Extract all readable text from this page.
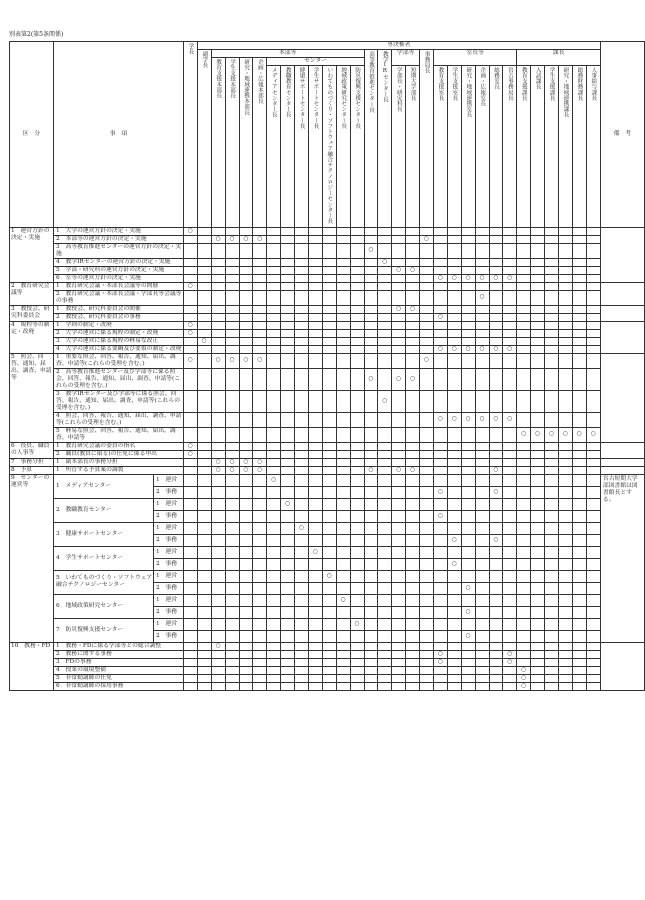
別表第2(第5条関係)
区　分	事　項		学長	専決権者																													備　考
				副学長	本部等											高等教育推進センター長	教学IRセンター長	学部等		事務局長	室長等						課長						
					教育支援本部長	学生支援本部長	研究・地域連携本部長	企画・広報本部長	センター																								
									メディアセンター長	教職教育センター長	健康サポートセンター長	学生サポートセンター長	いわてものづくり・ソフトウェア融合テクノロジーセンター長	地域政策研究センター長	防災復興支援センター長			学部長・研究科長	短期大学部長		教育支援室長	学生支援室長	研究・地域連携室長	企画・広報室長	総務室長	宮古事務局長	教育支援課長	入試課長	学生支援課長	研究・地域連携課長	総務財務課長	人事給与課長	
1　運営方針の決定・実施	1　大学の運営方針の決定・実施		○																														
	2　本部等の運営方針の決定・実施				○	○	○	○												○													
	3　高等教育推進センターの運営方針の決定・実施															○																	
	4　教学IRセンターの運営方針の決定・実施																○																
	5　学部・研究科の運営方針の決定・実施																	○	○														
	6　室等の運営方針の決定・実施																				○	○	○	○	○	○							
2　教育研究会議等	1　教育研究会議・本部長会議等の開催		○																														
	2　教育研究会議・本部長会議・学部長等会議等の事務																							○									
3　教授会、研究科委員会	1　教授会、研究科委員会の開催																	○	○														
	2　教授会、研究科委員会の事務																				○												
4　規程等の制定・改廃	1　学則の制定・改廃		○																														
	2　大学の運営に係る規程の制定・改廃		○																														
	3　大学の運営に係る規程の軽易な改正			○																													
	4　大学の運営に係る要綱及び要領の制定・改廃																				○	○	○	○	○	○							
5　照会、回答、通知、届出、調査、申請等	1　重要な照会、回答、報告、通知、届出、調査、申請等(これらの受理を含む。)		○		○	○	○	○												○													
	2　高等教育推進センター及び学部等に係る照会、回答、報告、通知、届出、調査、申請等(これらの受理を含む。)															○		○	○														
	3　教学IRセンター及び学部等に係る照会、回答、報告、通知、届出、調査、申請等(これらの受理を含む。)																○																
	4　照会、回答、報告、通知、届出、調査、申請等(これらの受理を含む。)																				○	○	○	○	○	○							
	5　軽易な照会、回答、報告、通知、届出、調査、申請等																										○	○	○	○	○	○	
6　役員、職員の人事等	1　教育研究会議の委員の指名		○																														
	2　職員(教員に限る)の任免に係る申出		○																														
7　事務分担	1　副本部長の事務分担				○	○	○	○																									
8　予算	1　所管する予算案の調製				○	○	○	○								○		○	○						○								
9　センターの運営等	1　メディアセンター	1　運営							○																								宮古短期大学部図書館は図書館長とする。
		2　事務																			○				○								
	2　教職教育センター	1　運営								○																							
		2　事務																			○												
	3　健康サポートセンター	1　運営									○																						
		2　事務																				○			○								
	4　学生サポートセンター	1　運営										○																					
		2　事務																				○											
	5　いわてものづくり・ソフトウェア融合テクノロジーセンター	1　運営											○																				
		2　事務																					○										
	6　地域政策研究センター	1　運営												○																			
		2　事務																					○										
	7　防災復興支援センター	1　運営													○																		
		2　事務																					○										
10　教務・FD	1　教務・FDに係る学部等との総合調整				○																												
	2　教務に関する事務																				○					○							
	3　FDの事務																				○					○							
	4　授業の環境整備																										○						
	5　非常勤講師の任免																										○						
	6　非常勤講師の採用事務																										○						
